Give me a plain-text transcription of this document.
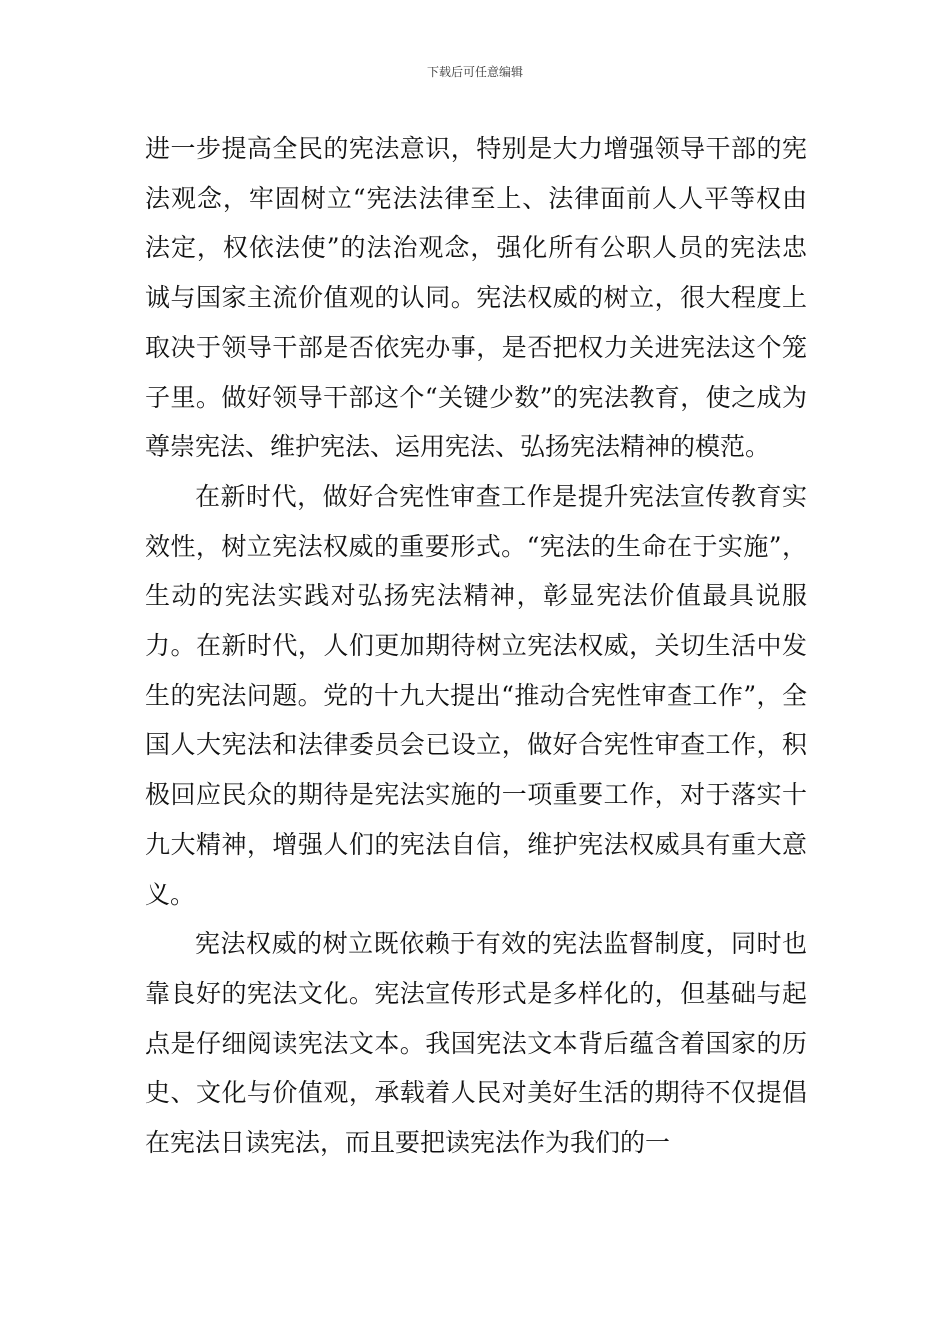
下载后可任意编辑

进一步提高全民的宪法意识，特别是大力增强领导干部的宪法观念，牢固树立“宪法法律至上、法律面前人人平等权由法定，权依法使”的法治观念，强化所有公职人员的宪法忠诚与国家主流价值观的认同。宪法权威的树立，很大程度上取决于领导干部是否依宪办事，是否把权力关进宪法这个笼子里。做好领导干部这个“关键少数”的宪法教育，使之成为尊崇宪法、维护宪法、运用宪法、弘扬宪法精神的模范。

在新时代，做好合宪性审查工作是提升宪法宣传教育实效性，树立宪法权威的重要形式。“宪法的生命在于实施”，生动的宪法实践对弘扬宪法精神，彰显宪法价值最具说服力。在新时代，人们更加期待树立宪法权威，关切生活中发生的宪法问题。党的十九大提出“推动合宪性审查工作”，全国人大宪法和法律委员会已设立，做好合宪性审查工作，积极回应民众的期待是宪法实施的一项重要工作，对于落实十九大精神，增强人们的宪法自信，维护宪法权威具有重大意义。

宪法权威的树立既依赖于有效的宪法监督制度，同时也靠良好的宪法文化。宪法宣传形式是多样化的，但基础与起点是仔细阅读宪法文本。我国宪法文本背后蕴含着国家的历史、文化与价值观，承载着人民对美好生活的期待不仅提倡在宪法日读宪法，而且要把读宪法作为我们的一
